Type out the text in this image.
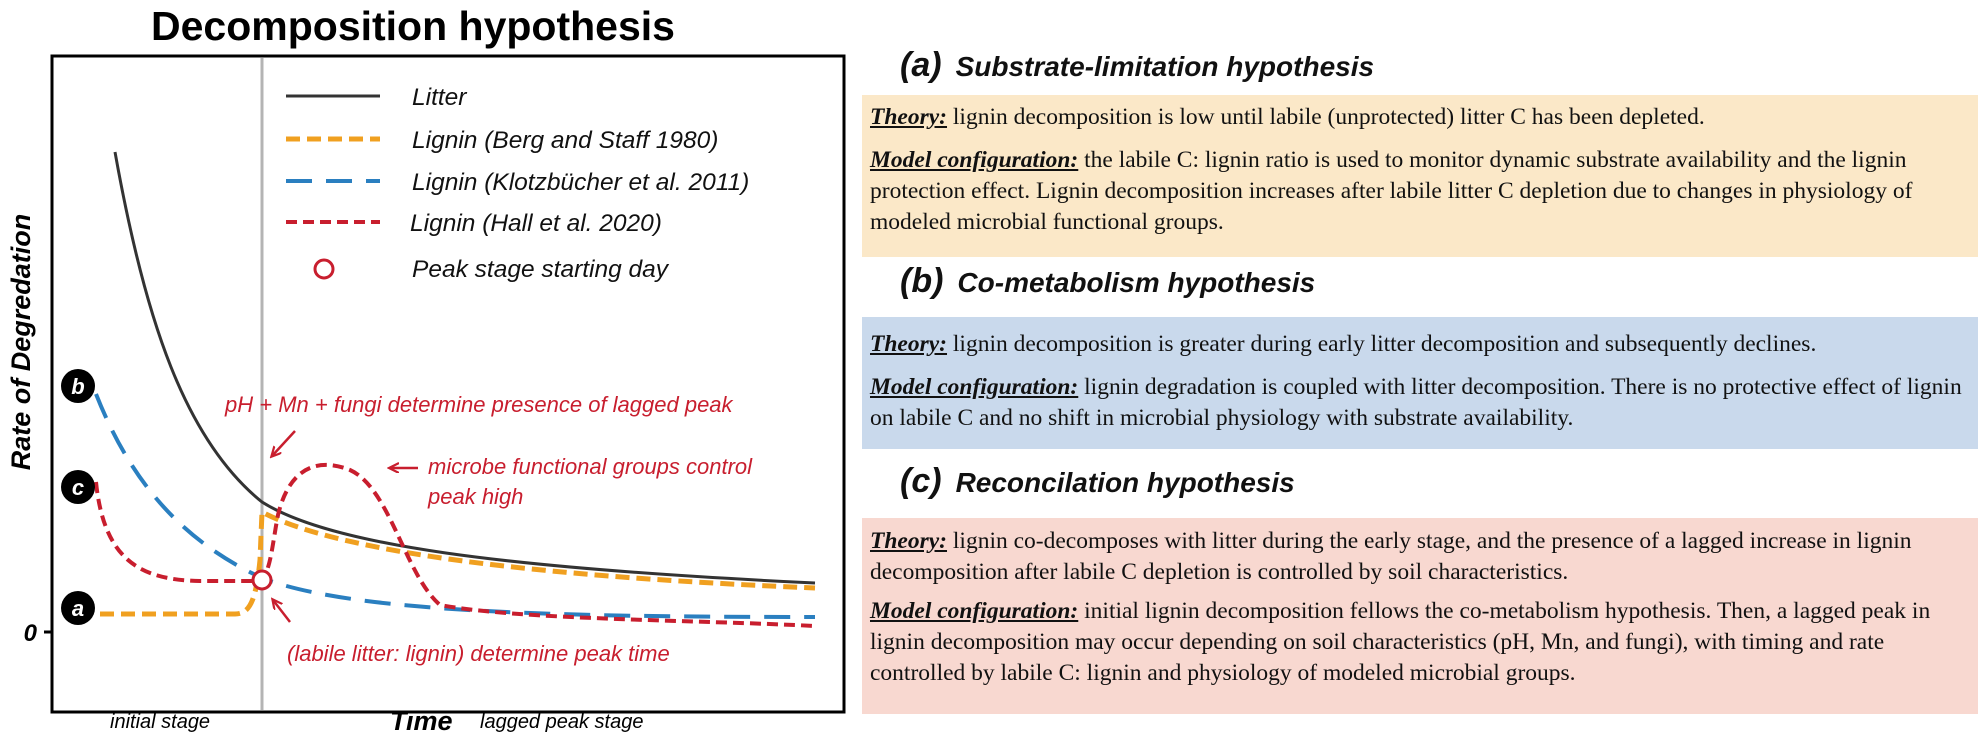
Decomposition hypothesis
0
Rate of Degredation b
c
a
Litter
Lignin (Berg and Staff 1980)
Lignin (Klotzbücher et al. 2011)
Lignin (Hall et al. 2020)
Peak stage starting day
pH + Mn + fungi determine presence of lagged peak
microbe functional groups control
peak high
(labile litter: lignin) determine peak time
initial stage	Time lagged peak stage
(a) Substrate-limitation hypothesis

Theory: lignin decomposition is low until labile (unprotected) litter C has been depleted.

Model configuration: the labile C: lignin ratio is used to monitor dynamic substrate availability and the lignin protection effect. Lignin decomposition increases after labile litter C depletion due to changes in physiology of modeled microbial functional groups.

(b) Co-metabolism hypothesis

Theory: lignin decomposition is greater during early litter decomposition and subsequently declines.

Model configuration: lignin degradation is coupled with litter decomposition. There is no protective effect of lignin on labile C and no shift in microbial physiology with substrate availability.

(c) Reconcilation hypothesis

Theory: lignin co-decomposes with litter during the early stage, and the presence of a lagged increase in lignin decomposition after labile C depletion is controlled by soil characteristics.

Model configuration: initial lignin decomposition fellows the co-metabolism hypothesis. Then, a lagged peak in lignin decomposition may occur depending on soil characteristics (pH, Mn, and fungi), with timing and rate controlled by labile C: lignin and physiology of modeled microbial groups.
